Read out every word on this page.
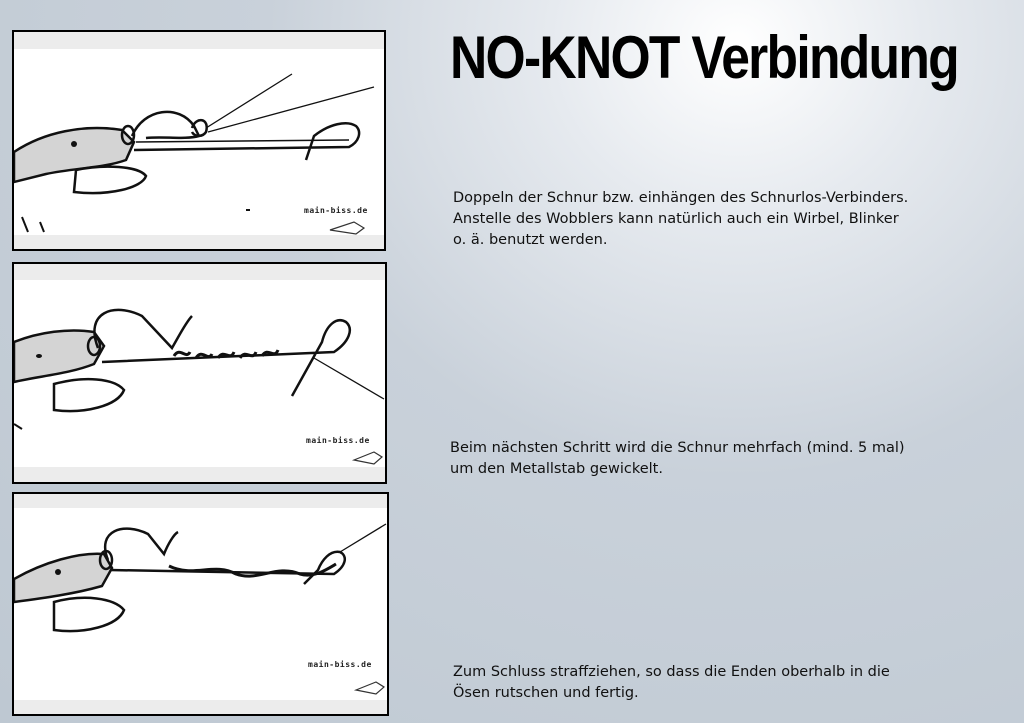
NO-KNOT Verbindung
main-biss.de
main-biss.de
main-biss.de
Doppeln der Schnur bzw. einhängen des Schnurlos-Verbinders.
Anstelle des Wobblers kann natürlich auch ein Wirbel, Blinker
o. ä. benutzt werden.
Beim nächsten Schritt wird die Schnur mehrfach (mind. 5 mal)
um den Metallstab gewickelt.
Zum Schluss straffziehen, so dass die Enden oberhalb in die
Ösen rutschen und fertig.
